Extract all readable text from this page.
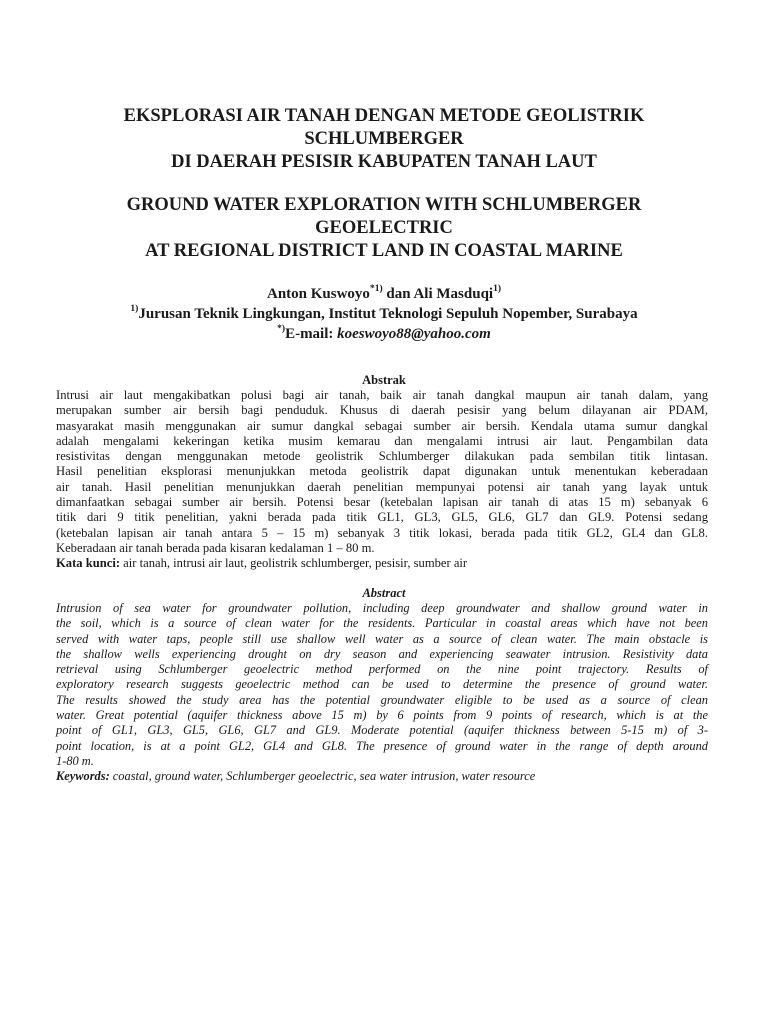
EKSPLORASI AIR TANAH DENGAN METODE GEOLISTRIK
SCHLUMBERGER
DI DAERAH PESISIR KABUPATEN TANAH LAUT
GROUND WATER EXPLORATION WITH SCHLUMBERGER
GEOELECTRIC
AT REGIONAL DISTRICT LAND IN COASTAL MARINE
Anton Kuswoyo$^{*1)}$ dan Ali Masduqi$^{1)}$
$^{1)}$Jurusan Teknik Lingkungan, Institut Teknologi Sepuluh Nopember, Surabaya
*)E-mail: koeswoyo88@yahoo.com
Abstrak
Intrusi air laut mengakibatkan polusi bagi air tanah, baik air tanah dangkal maupun air tanah dalam, yang
merupakan sumber air bersih bagi penduduk. Khusus di daerah pesisir yang belum dilayanan air PDAM,
masyarakat masih menggunakan air sumur dangkal sebagai sumber air bersih. Kendala utama sumur dangkal
adalah mengalami kekeringan ketika musim kemarau dan mengalami intrusi air laut. Pengambilan data
resistivitas dengan menggunakan metode geolistrik Schlumberger dilakukan pada sembilan titik lintasan.
Hasil penelitian eksplorasi menunjukkan metoda geolistrik dapat digunakan untuk menentukan keberadaan
air tanah. Hasil penelitian menunjukkan daerah penelitian mempunyai potensi air tanah yang layak untuk
dimanfaatkan sebagai sumber air bersih. Potensi besar (ketebalan lapisan air tanah di atas 15 m) sebanyak 6
titik dari 9 titik penelitian, yakni berada pada titik GL1, GL3, GL5, GL6, GL7 dan GL9. Potensi sedang
(ketebalan lapisan air tanah antara 5 – 15 m) sebanyak 3 titik lokasi, berada pada titik GL2, GL4 dan GL8.
Keberadaan air tanah berada pada kisaran kedalaman 1 – 80 m.
Kata kunci: air tanah, intrusi air laut, geolistrik schlumberger, pesisir, sumber air
Abstract
Intrusion of sea water for groundwater pollution, including deep groundwater and shallow ground water in
the soil, which is a source of clean water for the residents. Particular in coastal areas which have not been
served with water taps, people still use shallow well water as a source of clean water. The main obstacle is
the shallow wells experiencing drought on dry season and experiencing seawater intrusion. Resistivity data
retrieval using Schlumberger geoelectric method performed on the nine point trajectory. Results of
exploratory research suggests geoelectric method can be used to determine the presence of ground water.
The results showed the study area has the potential groundwater eligible to be used as a source of clean
water. Great potential (aquifer thickness above 15 m) by 6 points from 9 points of research, which is at the
point of GL1, GL3, GL5, GL6, GL7 and GL9. Moderate potential (aquifer thickness between 5-15 m) of 3-
point location, is at a point GL2, GL4 and GL8. The presence of ground water in the range of depth around
1-80 m.
Keywords: coastal, ground water, Schlumberger geoelectric, sea water intrusion, water resource
